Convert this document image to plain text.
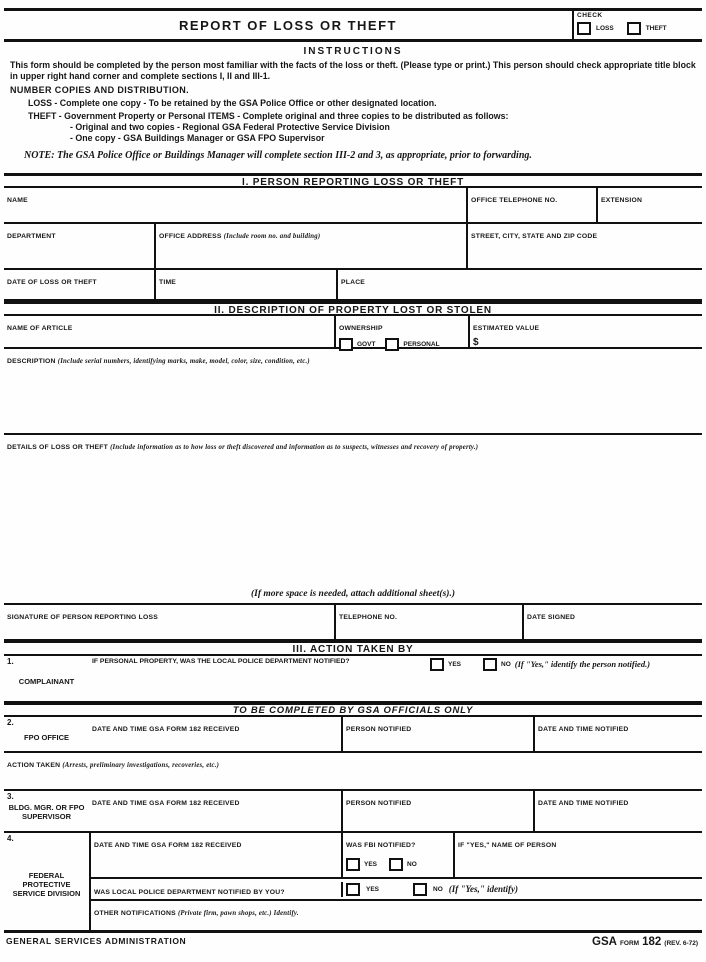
REPORT OF LOSS OR THEFT
CHECK
LOSS	THEFT
INSTRUCTIONS
This form should be completed by the person most familiar with the facts of the loss or theft. (Please type or print.) This person should check appropriate title block in upper right hand corner and complete sections I, II and III-1.
NUMBER COPIES AND DISTRIBUTION.
LOSS - Complete one copy - To be retained by the GSA Police Office or other designated location.
THEFT - Government Property or Personal ITEMS - Complete original and three copies to be distributed as follows:
- Original and two copies - Regional GSA Federal Protective Service Division
- One copy - GSA Buildings Manager or GSA FPO Supervisor
NOTE: The GSA Police Office or Buildings Manager will complete section III-2 and 3, as appropriate, prior to forwarding.
I. PERSON REPORTING LOSS OR THEFT
NAME	OFFICE TELEPHONE NO.	EXTENSION
DEPARTMENT	OFFICE ADDRESS (Include room no. and building)	STREET, CITY, STATE AND ZIP CODE
DATE OF LOSS OR THEFT	TIME	PLACE
II. DESCRIPTION OF PROPERTY LOST OR STOLEN
NAME OF ARTICLE	OWNERSHIP
GOVT	PERSONAL
ESTIMATED VALUE
$
DESCRIPTION (Include serial numbers, identifying marks, make, model, color, size, condition, etc.)
DETAILS OF LOSS OR THEFT (Include information as to how loss or theft discovered and information as to suspects, witnesses and recovery of property.)
(If more space is needed, attach additional sheet(s).)
SIGNATURE OF PERSON REPORTING LOSS	TELEPHONE NO.	DATE SIGNED
III. ACTION TAKEN BY
1.
COMPLAINANT
IF PERSONAL PROPERTY, WAS THE LOCAL POLICE DEPARTMENT NOTIFIED?	YES	NO (If "Yes," identify the person notified.)
TO BE COMPLETED BY GSA OFFICIALS ONLY
2.
FPO OFFICE
DATE AND TIME GSA FORM 182 RECEIVED	PERSON NOTIFIED	DATE AND TIME NOTIFIED
ACTION TAKEN (Arrests, preliminary investigations, recoveries, etc.)
3.
BLDG. MGR. OR FPO SUPERVISOR
DATE AND TIME GSA FORM 182 RECEIVED	PERSON NOTIFIED	DATE AND TIME NOTIFIED
4.
FEDERAL PROTECTIVE SERVICE DIVISION
DATE AND TIME GSA FORM 182 RECEIVED	WAS FBI NOTIFIED?
YES	NO
IF "YES," NAME OF PERSON
WAS LOCAL POLICE DEPARTMENT NOTIFIED BY YOU?	YES	NO (If "Yes," identify)
OTHER NOTIFICATIONS (Private firm, pawn shops, etc.) Identify.
GENERAL SERVICES ADMINISTRATION	GSA FORM 182 (REV. 6-72)
